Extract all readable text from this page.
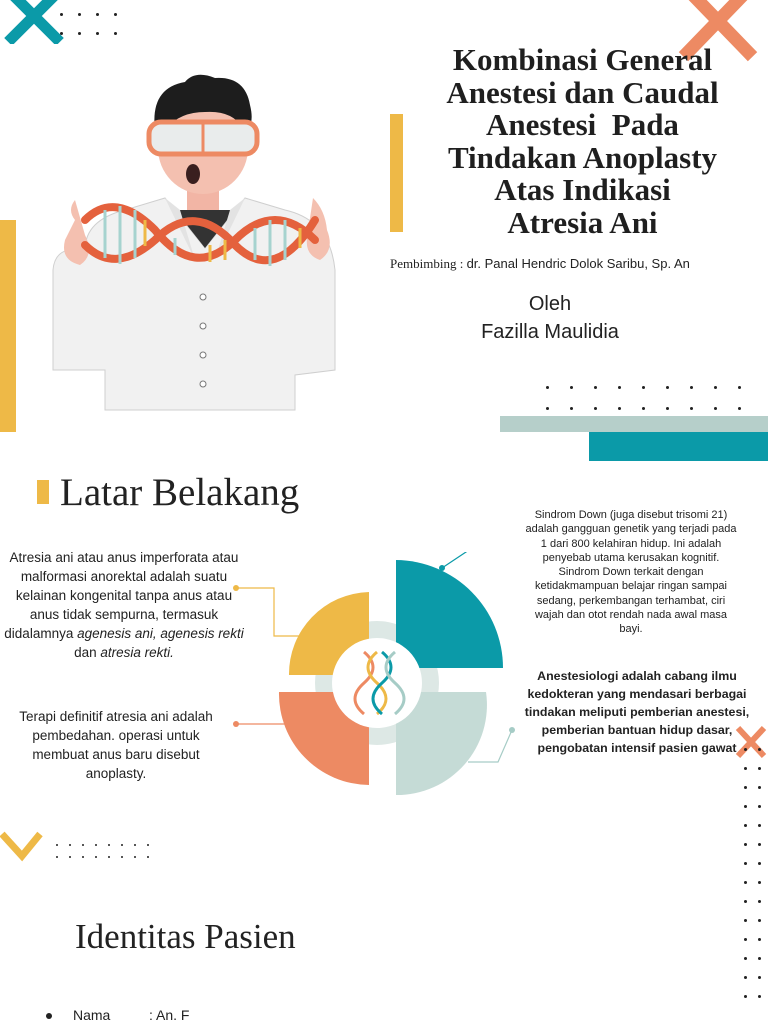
Kombinasi General
Anestesi dan Caudal
Anestesi  Pada
Tindakan Anoplasty
Atas Indikasi
Atresia Ani
Pembimbing : dr. Panal Hendric Dolok Saribu, Sp. An
Oleh
Fazilla Maulidia
Latar Belakang
Atresia ani atau anus imperforata atau malformasi anorektal adalah suatu kelainan kongenital tanpa anus atau anus tidak sempurna, termasuk didalamnya agenesis ani, agenesis rekti dan atresia rekti.
Terapi definitif atresia ani adalah pembedahan. operasi untuk membuat anus baru disebut anoplasty.
Sindrom Down (juga disebut trisomi 21) adalah gangguan genetik yang terjadi pada 1 dari 800 kelahiran hidup. Ini adalah penyebab utama kerusakan kognitif. Sindrom Down terkait dengan ketidakmampuan belajar ringan sampai sedang, perkembangan terhambat, ciri wajah dan otot rendah nada awal masa bayi.
Anestesiologi adalah cabang ilmu kedokteran yang mendasari berbagai tindakan meliputi pemberian anestesi, pemberian bantuan hidup dasar, pengobatan intensif pasien gawat
Identitas Pasien
Nama	: An. F
